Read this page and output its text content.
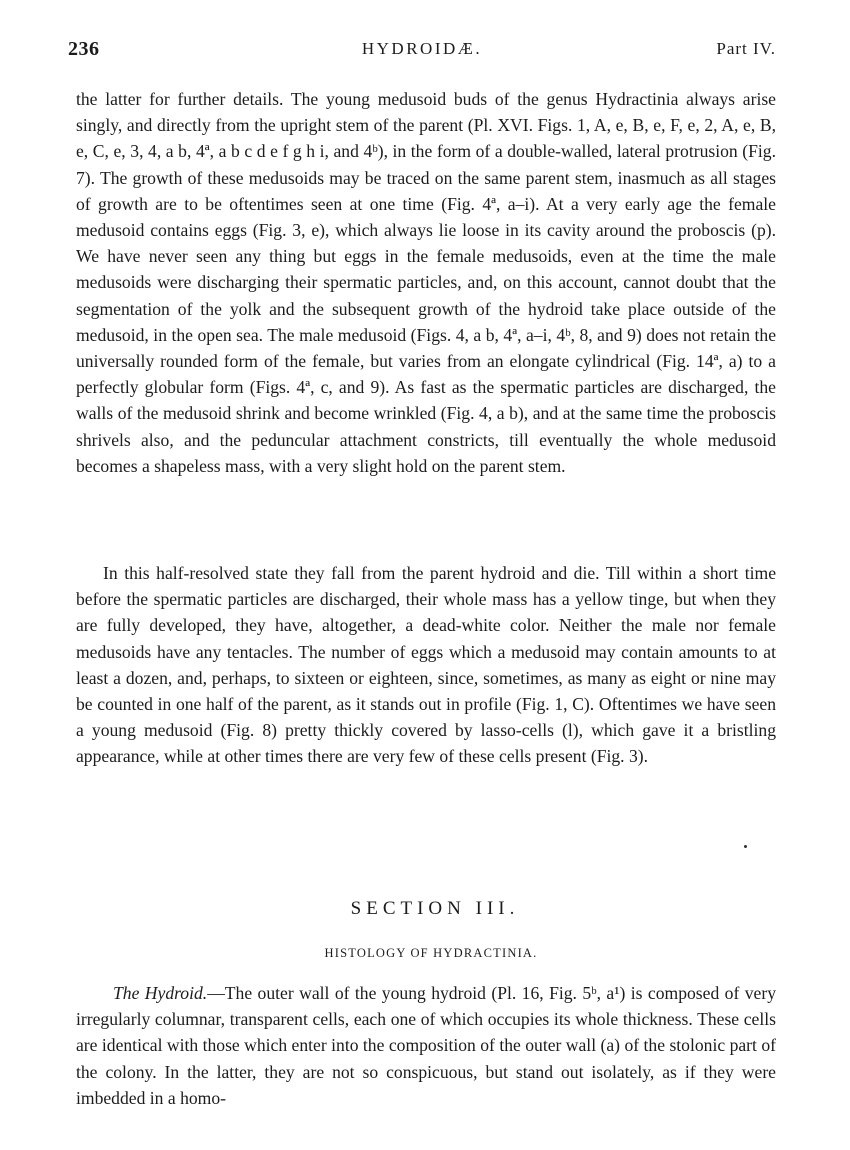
236	HYDROIDÆ.	Part IV.

the latter for further details. The young medusoid buds of the genus Hydractinia always arise singly, and directly from the upright stem of the parent (Pl. XVI. Figs. 1, A, e, B, e, F, e, 2, A, e, B, e, C, e, 3, 4, a b, 4ª, a b c d e f g h i, and 4ᵇ), in the form of a double-walled, lateral protrusion (Fig. 7). The growth of these medusoids may be traced on the same parent stem, inasmuch as all stages of growth are to be oftentimes seen at one time (Fig. 4ª, a–i). At a very early age the female medusoid contains eggs (Fig. 3, e), which always lie loose in its cavity around the proboscis (p). We have never seen any thing but eggs in the female medusoids, even at the time the male medusoids were discharging their spermatic particles, and, on this account, cannot doubt that the segmentation of the yolk and the subsequent growth of the hydroid take place outside of the medusoid, in the open sea. The male medusoid (Figs. 4, a b, 4ª, a–i, 4ᵇ, 8, and 9) does not retain the universally rounded form of the female, but varies from an elongate cylindrical (Fig. 14ª, a) to a perfectly globular form (Figs. 4ª, c, and 9). As fast as the spermatic particles are discharged, the walls of the medusoid shrink and become wrinkled (Fig. 4, a b), and at the same time the proboscis shrivels also, and the peduncular attachment constricts, till eventually the whole medusoid becomes a shapeless mass, with a very slight hold on the parent stem.

In this half-resolved state they fall from the parent hydroid and die. Till within a short time before the spermatic particles are discharged, their whole mass has a yellow tinge, but when they are fully developed, they have, altogether, a dead-white color. Neither the male nor female medusoids have any tentacles. The number of eggs which a medusoid may contain amounts to at least a dozen, and, perhaps, to sixteen or eighteen, since, sometimes, as many as eight or nine may be counted in one half of the parent, as it stands out in profile (Fig. 1, C). Oftentimes we have seen a young medusoid (Fig. 8) pretty thickly covered by lasso-cells (l), which gave it a bristling appearance, while at other times there are very few of these cells present (Fig. 3).

SECTION III.
HISTOLOGY OF HYDRACTINIA.

The Hydroid.—The outer wall of the young hydroid (Pl. 16, Fig. 5ᵇ, a¹) is composed of very irregularly columnar, transparent cells, each one of which occupies its whole thickness. These cells are identical with those which enter into the composition of the outer wall (a) of the stolonic part of the colony. In the latter, they are not so conspicuous, but stand out isolately, as if they were imbedded in a homo-
